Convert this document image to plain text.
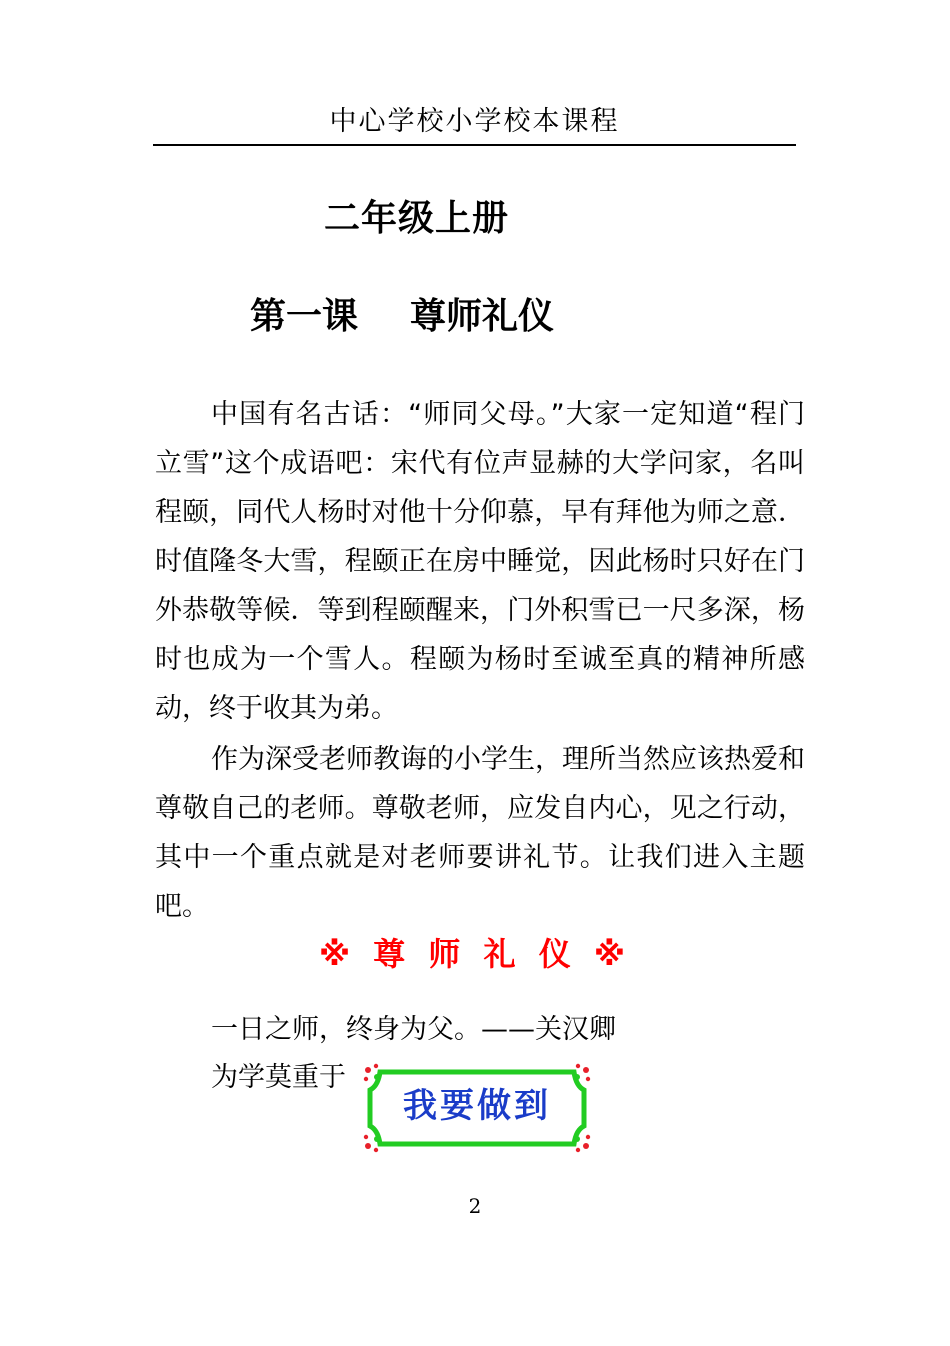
中心学校小学校本课程
二年级上册
第一课 尊师礼仪

中国有名古话：“师同父母。”大家一定知道“程门立雪”这个成语吧：宋代有位声显赫的大学问家，名叫程颐，同代人杨时对他十分仰慕，早有拜他为师之意．时值隆冬大雪，程颐正在房中睡觉，因此杨时只好在门外恭敬等候．等到程颐醒来，门外积雪已一尺多深，杨时也成为一个雪人。程颐为杨时至诚至真的精神所感动，终于收其为弟。

作为深受老师教诲的小学生，理所当然应该热爱和尊敬自己的老师。尊敬老师，应发自内心，见之行动，其中一个重点就是对老师要讲礼节。让我们进入主题吧。

※ 尊 师 礼 仪 ※
一日之师，终身为父。——关汉卿
为学莫重于
我要做到
2
